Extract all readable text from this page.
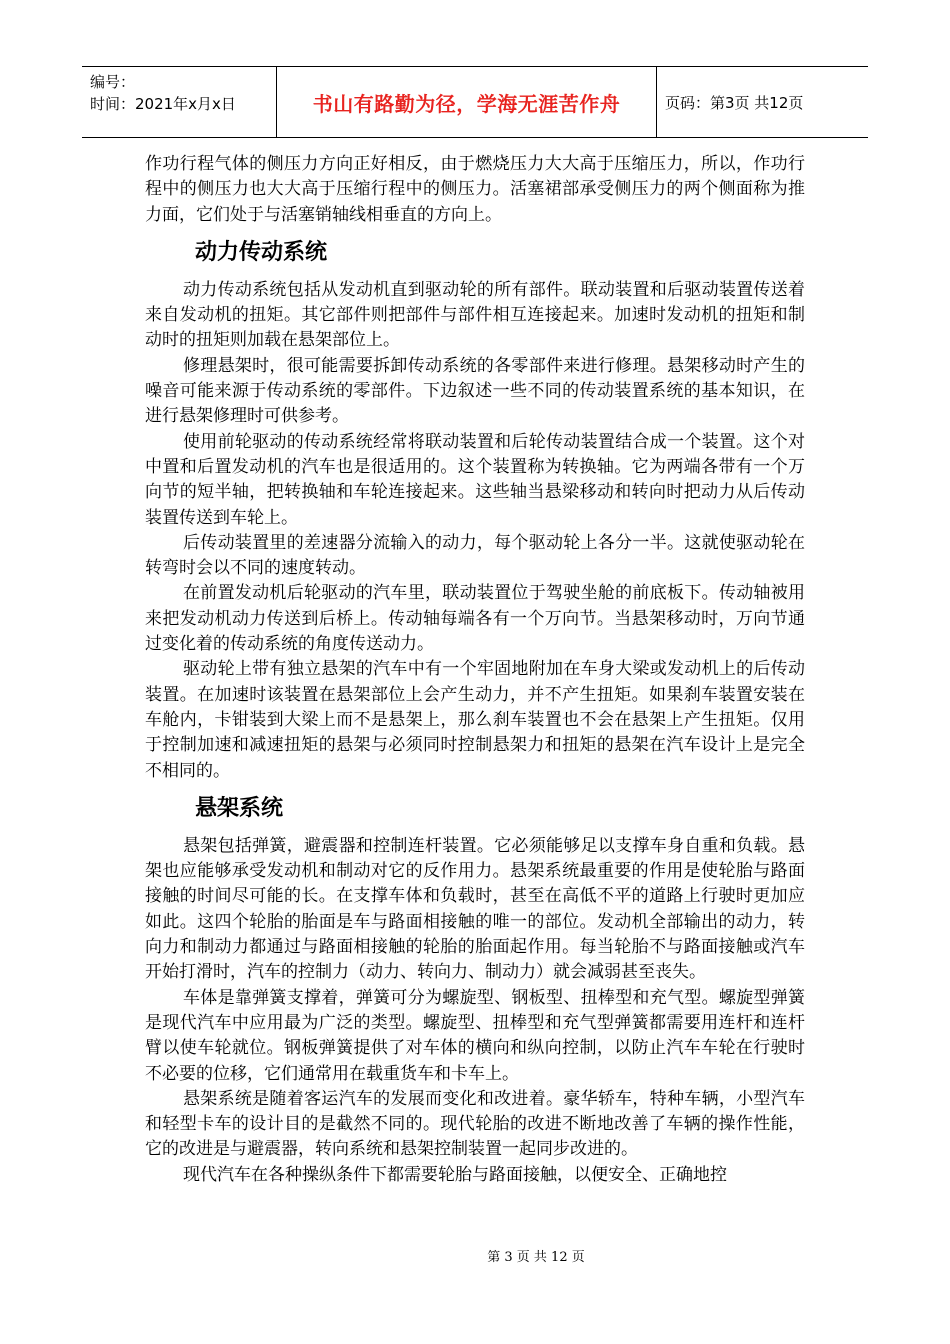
编号：
时间：2021年x月x日	书山有路勤为径，学海无涯苦作舟	页码：第3页 共12页

作功行程气体的侧压力方向正好相反，由于燃烧压力大大高于压缩压力，所以，作功行程中的侧压力也大大高于压缩行程中的侧压力。活塞裙部承受侧压力的两个侧面称为推力面，它们处于与活塞销轴线相垂直的方向上。

动力传动系统

动力传动系统包括从发动机直到驱动轮的所有部件。联动装置和后驱动装置传送着来自发动机的扭矩。其它部件则把部件与部件相互连接起来。加速时发动机的扭矩和制动时的扭矩则加载在悬架部位上。

修理悬架时，很可能需要拆卸传动系统的各零部件来进行修理。悬架移动时产生的噪音可能来源于传动系统的零部件。下边叙述一些不同的传动装置系统的基本知识，在进行悬架修理时可供参考。

使用前轮驱动的传动系统经常将联动装置和后轮传动装置结合成一个装置。这个对中置和后置发动机的汽车也是很适用的。这个装置称为转换轴。它为两端各带有一个万向节的短半轴，把转换轴和车轮连接起来。这些轴当悬梁移动和转向时把动力从后传动装置传送到车轮上。

后传动装置里的差速器分流输入的动力，每个驱动轮上各分一半。这就使驱动轮在转弯时会以不同的速度转动。

在前置发动机后轮驱动的汽车里，联动装置位于驾驶坐舱的前底板下。传动轴被用来把发动机动力传送到后桥上。传动轴每端各有一个万向节。当悬架移动时，万向节通过变化着的传动系统的角度传送动力。

驱动轮上带有独立悬架的汽车中有一个牢固地附加在车身大梁或发动机上的后传动装置。在加速时该装置在悬架部位上会产生动力，并不产生扭矩。如果刹车装置安装在车舱内，卡钳装到大梁上而不是悬架上，那么刹车装置也不会在悬架上产生扭矩。仅用于控制加速和减速扭矩的悬架与必须同时控制悬架力和扭矩的悬架在汽车设计上是完全不相同的。

悬架系统

悬架包括弹簧，避震器和控制连杆装置。它必须能够足以支撑车身自重和负载。悬架也应能够承受发动机和制动对它的反作用力。悬架系统最重要的作用是使轮胎与路面接触的时间尽可能的长。在支撑车体和负载时，甚至在高低不平的道路上行驶时更加应如此。这四个轮胎的胎面是车与路面相接触的唯一的部位。发动机全部输出的动力，转向力和制动力都通过与路面相接触的轮胎的胎面起作用。每当轮胎不与路面接触或汽车开始打滑时，汽车的控制力（动力、转向力、制动力）就会减弱甚至丧失。

车体是靠弹簧支撑着，弹簧可分为螺旋型、钢板型、扭棒型和充气型。螺旋型弹簧是现代汽车中应用最为广泛的类型。螺旋型、扭棒型和充气型弹簧都需要用连杆和连杆臂以使车轮就位。钢板弹簧提供了对车体的横向和纵向控制，以防止汽车车轮在行驶时不必要的位移，它们通常用在载重货车和卡车上。

悬架系统是随着客运汽车的发展而变化和改进着。豪华轿车，特种车辆，小型汽车和轻型卡车的设计目的是截然不同的。现代轮胎的改进不断地改善了车辆的操作性能，它的改进是与避震器，转向系统和悬架控制装置一起同步改进的。

现代汽车在各种操纵条件下都需要轮胎与路面接触，以便安全、正确地控

第 3 页 共 12 页
